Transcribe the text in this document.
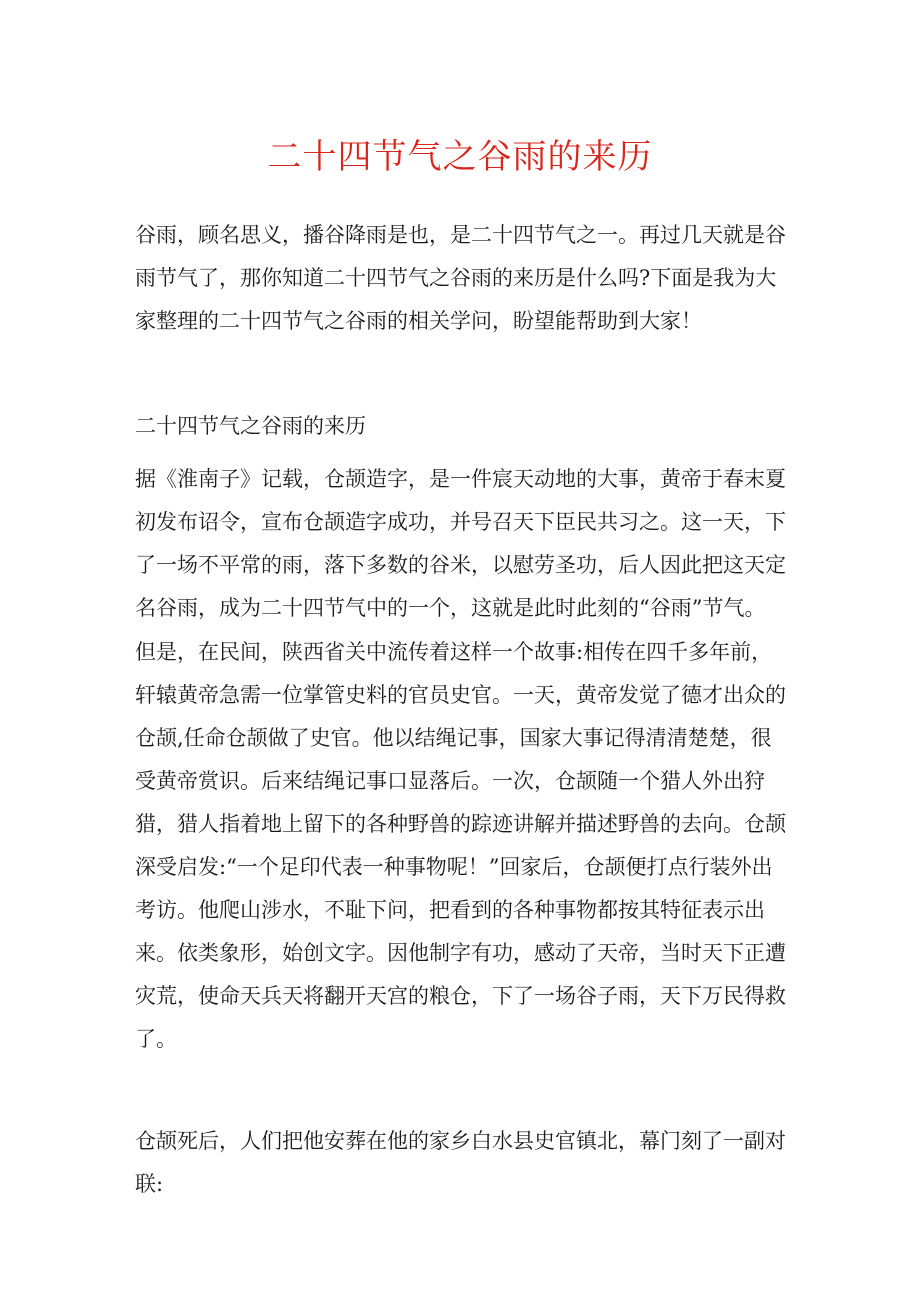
二十四节气之谷雨的来历

谷雨，顾名思义，播谷降雨是也，是二十四节气之一。再过几天就是谷雨节气了，那你知道二十四节气之谷雨的来历是什么吗?下面是我为大家整理的二十四节气之谷雨的相关学问，盼望能帮助到大家！

二十四节气之谷雨的来历

据《淮南子》记载，仓颉造字，是一件宸天动地的大事，黄帝于春末夏初发布诏令，宣布仓颉造字成功，并号召天下臣民共习之。这一天，下了一场不平常的雨，落下多数的谷米，以慰劳圣功，后人因此把这天定名谷雨，成为二十四节气中的一个，这就是此时此刻的“谷雨”节气。

但是，在民间，陕西省关中流传着这样一个故事:相传在四千多年前，轩辕黄帝急需一位掌管史料的官员史官。一天，黄帝发觉了德才出众的仓颉,任命仓颉做了史官。他以结绳记事，国家大事记得清清楚楚，很受黄帝赏识。后来结绳记事口显落后。一次，仓颉随一个猎人外出狩猎，猎人指着地上留下的各种野兽的踪迹讲解并描述野兽的去向。仓颉深受启发:“一个足印代表一种事物呢！”回家后，仓颉便打点行装外出考访。他爬山涉水，不耻下问，把看到的各种事物都按其特征表示出来。依类象形，始创文字。因他制字有功，感动了天帝，当时天下正遭灾荒，使命天兵天将翻开天宫的粮仓，下了一场谷子雨，天下万民得救了。

仓颉死后，人们把他安葬在他的家乡白水县史官镇北，幕门刻了一副对联:
